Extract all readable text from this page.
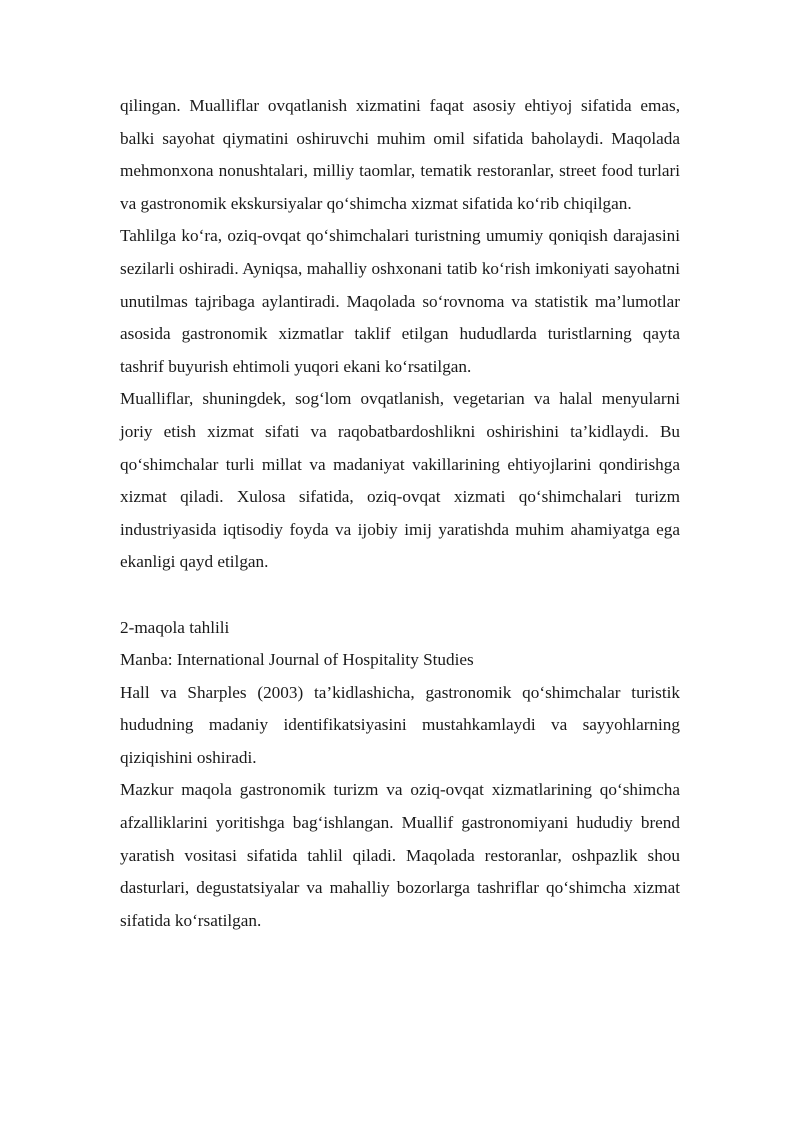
qilingan. Mualliflar ovqatlanish xizmatini faqat asosiy ehtiyoj sifatida emas, balki sayohat qiymatini oshiruvchi muhim omil sifatida baholaydi. Maqolada mehmonxona nonushtalari, milliy taomlar, tematik restoranlar, street food turlari va gastronomik ekskursiyalar qo‘shimcha xizmat sifatida ko‘rib chiqilgan.

Tahlilga ko‘ra, oziq-ovqat qo‘shimchalari turistning umumiy qoniqish darajasini sezilarli oshiradi. Ayniqsa, mahalliy oshxonani tatib ko‘rish imkoniyati sayohatni unutilmas tajribaga aylantiradi. Maqolada so‘rovnoma va statistik ma’lumotlar asosida gastronomik xizmatlar taklif etilgan hududlarda turistlarning qayta tashrif buyurish ehtimoli yuqori ekani ko‘rsatilgan.

Mualliflar, shuningdek, sog‘lom ovqatlanish, vegetarian va halal menyularni joriy etish xizmat sifati va raqobatbardoshlikni oshirishini ta’kidlaydi. Bu qo‘shimchalar turli millat va madaniyat vakillarining ehtiyojlarini qondirishga xizmat qiladi. Xulosa sifatida, oziq-ovqat xizmati qo‘shimchalari turizm industriyasida iqtisodiy foyda va ijobiy imij yaratishda muhim ahamiyatga ega ekanligi qayd etilgan.

2-maqola tahlili

Manba: International Journal of Hospitality Studies

Hall va Sharples (2003) ta’kidlashicha, gastronomik qo‘shimchalar turistik hududning madaniy identifikatsiyasini mustahkamlaydi va sayyohlarning qiziqishini oshiradi.

Mazkur maqola gastronomik turizm va oziq-ovqat xizmatlarining qo‘shimcha afzalliklarini yoritishga bag‘ishlangan. Muallif gastronomiyani hududiy brend yaratish vositasi sifatida tahlil qiladi. Maqolada restoranlar, oshpazlik shou dasturlari, degustatsiyalar va mahalliy bozorlarga tashriflar qo‘shimcha xizmat sifatida ko‘rsatilgan.
